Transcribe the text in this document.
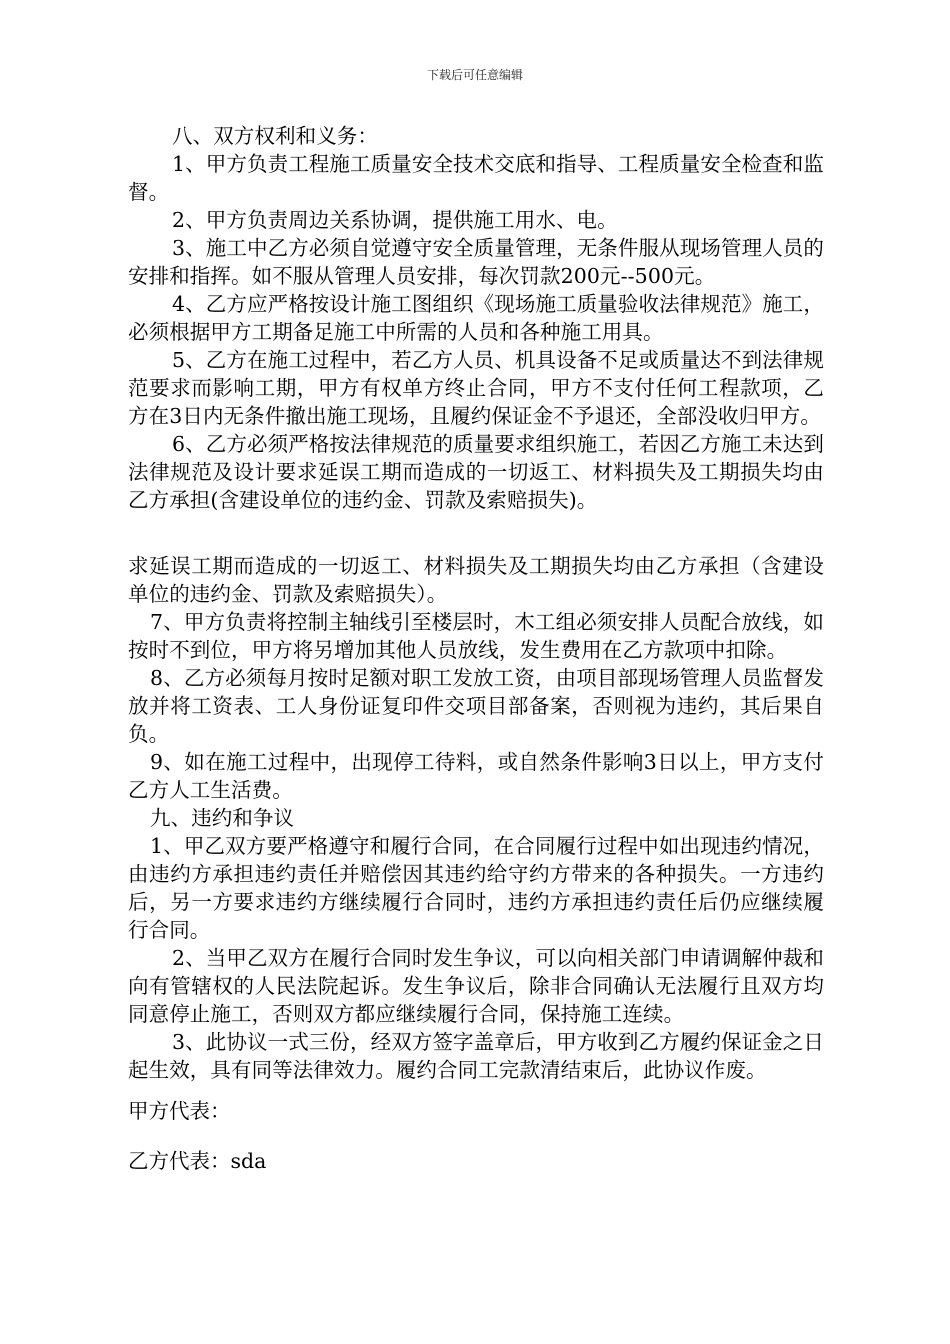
下载后可任意编辑

八、双方权利和义务：

1、甲方负责工程施工质量安全技术交底和指导、工程质量安全检查和监督。

2、甲方负责周边关系协调，提供施工用水、电。

3、施工中乙方必须自觉遵守安全质量管理，无条件服从现场管理人员的安排和指挥。如不服从管理人员安排，每次罚款200元--500元。

4、乙方应严格按设计施工图组织《现场施工质量验收法律规范》施工，必须根据甲方工期备足施工中所需的人员和各种施工用具。

5、乙方在施工过程中，若乙方人员、机具设备不足或质量达不到法律规范要求而影响工期，甲方有权单方终止合同，甲方不支付任何工程款项，乙方在3日内无条件撤出施工现场，且履约保证金不予退还，全部没收归甲方。

6、乙方必须严格按法律规范的质量要求组织施工，若因乙方施工未达到法律规范及设计要求延误工期而造成的一切返工、材料损失及工期损失均由乙方承担(含建设单位的违约金、罚款及索赔损失)。

求延误工期而造成的一切返工、材料损失及工期损失均由乙方承担（含建设单位的违约金、罚款及索赔损失）。

7、甲方负责将控制主轴线引至楼层时，木工组必须安排人员配合放线，如按时不到位，甲方将另增加其他人员放线，发生费用在乙方款项中扣除。

8、乙方必须每月按时足额对职工发放工资，由项目部现场管理人员监督发放并将工资表、工人身份证复印件交项目部备案，否则视为违约，其后果自负。

9、如在施工过程中，出现停工待料，或自然条件影响3日以上，甲方支付乙方人工生活费。

九、违约和争议

1、甲乙双方要严格遵守和履行合同，在合同履行过程中如出现违约情况，由违约方承担违约责任并赔偿因其违约给守约方带来的各种损失。一方违约后，另一方要求违约方继续履行合同时，违约方承担违约责任后仍应继续履行合同。

2、当甲乙双方在履行合同时发生争议，可以向相关部门申请调解仲裁和向有管辖权的人民法院起诉。发生争议后，除非合同确认无法履行且双方均同意停止施工，否则双方都应继续履行合同，保持施工连续。

3、此协议一式三份，经双方签字盖章后，甲方收到乙方履约保证金之日起生效，具有同等法律效力。履约合同工完款清结束后，此协议作废。

甲方代表：
乙方代表：sda
